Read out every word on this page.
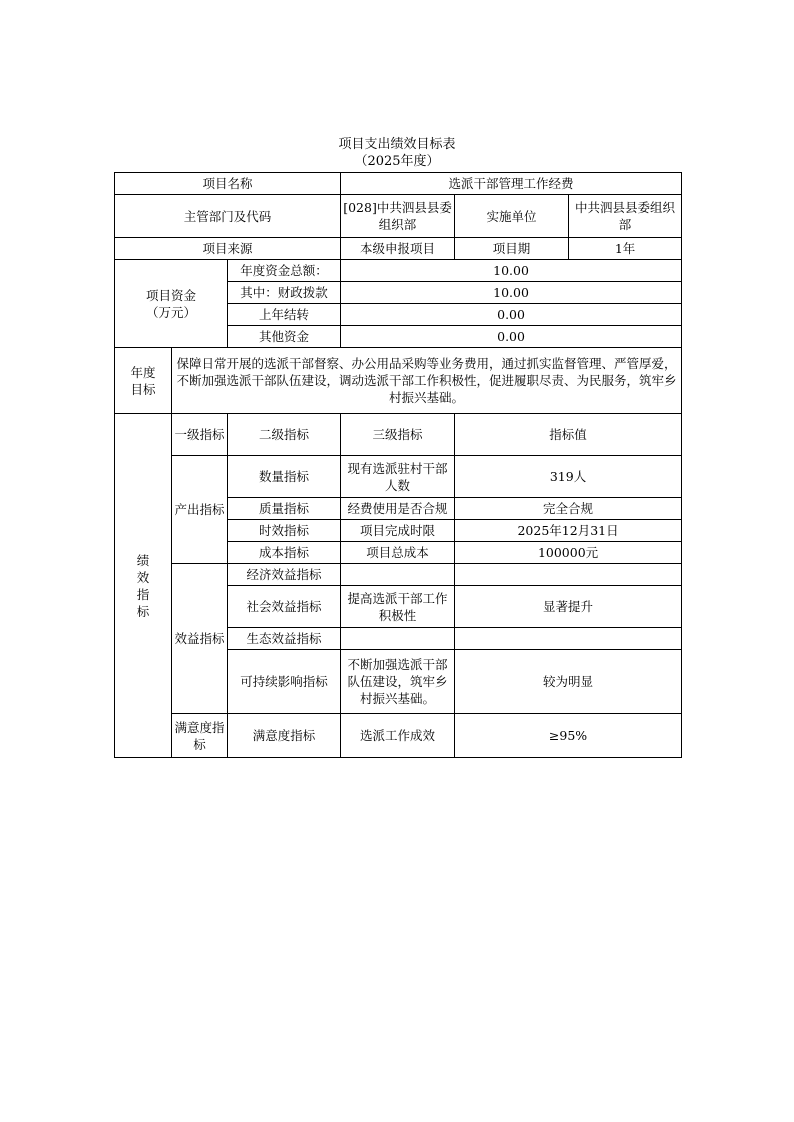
项目支出绩效目标表
（2025年度）
项目名称			选派干部管理工作经费		
主管部门及代码			[028]中共泗县县委组织部	实施单位	中共泗县县委组织部
项目来源			本级申报项目	项目期	1年

项目资金
（万元）		年度资金总额：	10.00		
		其中：财政拨款	10.00		
		上年结转	0.00		
		其他资金	0.00		

年度
目标	保障日常开展的选派干部督察、办公用品采购等业务费用，通过抓实监督管理、严管厚爱，不断加强选派干部队伍建设，调动选派干部工作积极性，促进履职尽责、为民服务，筑牢乡村振兴基础。				

绩
效
指
标	一级指标	二级指标	三级指标	指标值	
	产出指标	数量指标	现有选派驻村干部人数	319人	
		质量指标	经费使用是否合规	完全合规	
		时效指标	项目完成时限	2025年12月31日	
		成本指标	项目总成本	100000元	
	效益指标	经济效益指标			
		社会效益指标	提高选派干部工作积极性	显著提升	
		生态效益指标			
		可持续影响指标	不断加强选派干部队伍建设，筑牢乡村振兴基础。	较为明显	
	满意度指标	满意度指标	选派工作成效	≥95%	
